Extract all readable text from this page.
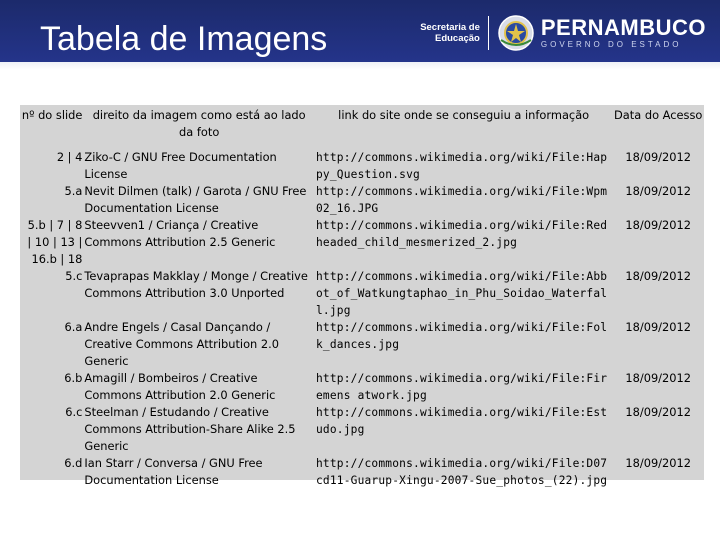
Tabela de Imagens	Secretaria de
Educação	PERNAMBUCO
GOVERNO DO ESTADO
nº do slide	direito da imagem como está ao lado da foto	link do site onde se conseguiu a informação	Data do Acesso
2 | 4	Ziko-C / GNU Free Documentation License	http://commons.wikimedia.org/wiki/File:Happy_Question.svg	18/09/2012
5.a	Nevit Dilmen (talk) / Garota / GNU Free Documentation License	http://commons.wikimedia.org/wiki/File:Wpm02_16.JPG	18/09/2012
5.b | 7 | 8 | 10 | 13 | 16.b | 18	Steevven1 / Criança / Creative Commons Attribution 2.5 Generic	http://commons.wikimedia.org/wiki/File:Redheaded_child_mesmerized_2.jpg	18/09/2012
5.c	Tevaprapas Makklay / Monge / Creative Commons Attribution 3.0 Unported	http://commons.wikimedia.org/wiki/File:Abbot_of_Watkungtaphao_in_Phu_Soidao_Waterfall.jpg	18/09/2012
6.a	Andre Engels / Casal Dançando / Creative Commons Attribution 2.0 Generic	http://commons.wikimedia.org/wiki/File:Folk_dances.jpg	18/09/2012
6.b	Amagill / Bombeiros / Creative Commons Attribution 2.0 Generic	http://commons.wikimedia.org/wiki/File:Firemens atwork.jpg	18/09/2012
6.c	Steelman / Estudando / Creative Commons Attribution-Share Alike 2.5 Generic	http://commons.wikimedia.org/wiki/File:Estudo.jpg	18/09/2012
6.d	Ian Starr / Conversa / GNU Free Documentation License	http://commons.wikimedia.org/wiki/File:D07cd11-Guarup-Xingu-2007-Sue_photos_(22).jpg	18/09/2012
